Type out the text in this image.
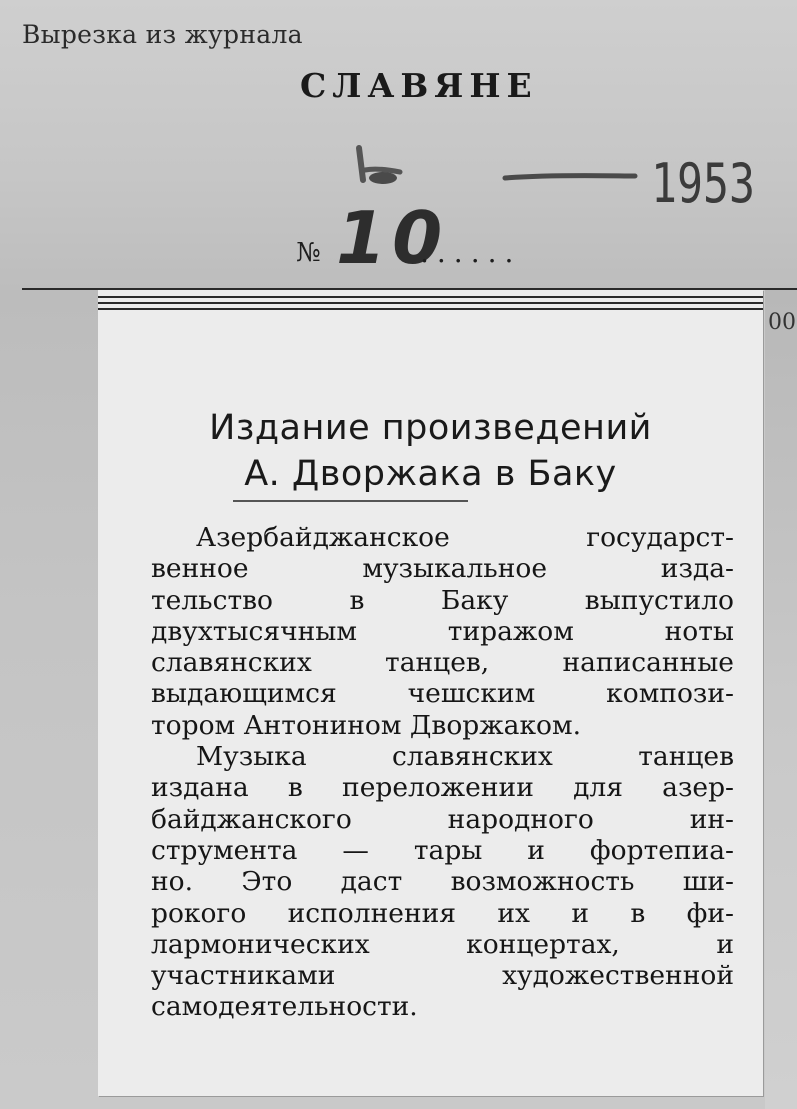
Вырезка из журнала
СЛАВЯНЕ
1953
№ 10
......
00
Издание произведений
А. Дворжака в Баку
Азербайджанское государст-
венное музыкальное изда-
тельство в Баку выпустило
двухтысячным тиражом ноты
славянских танцев, написанные
выдающимся чешским компози-
тором Антонином Дворжаком.
Музыка славянских танцев
издана в переложении для азер-
байджанского народного ин-
струмента — тары и фортепиа-
но. Это даст возможность ши-
рокого исполнения их и в фи-
лармонических концертах, и
участниками художественной
самодеятельности.
